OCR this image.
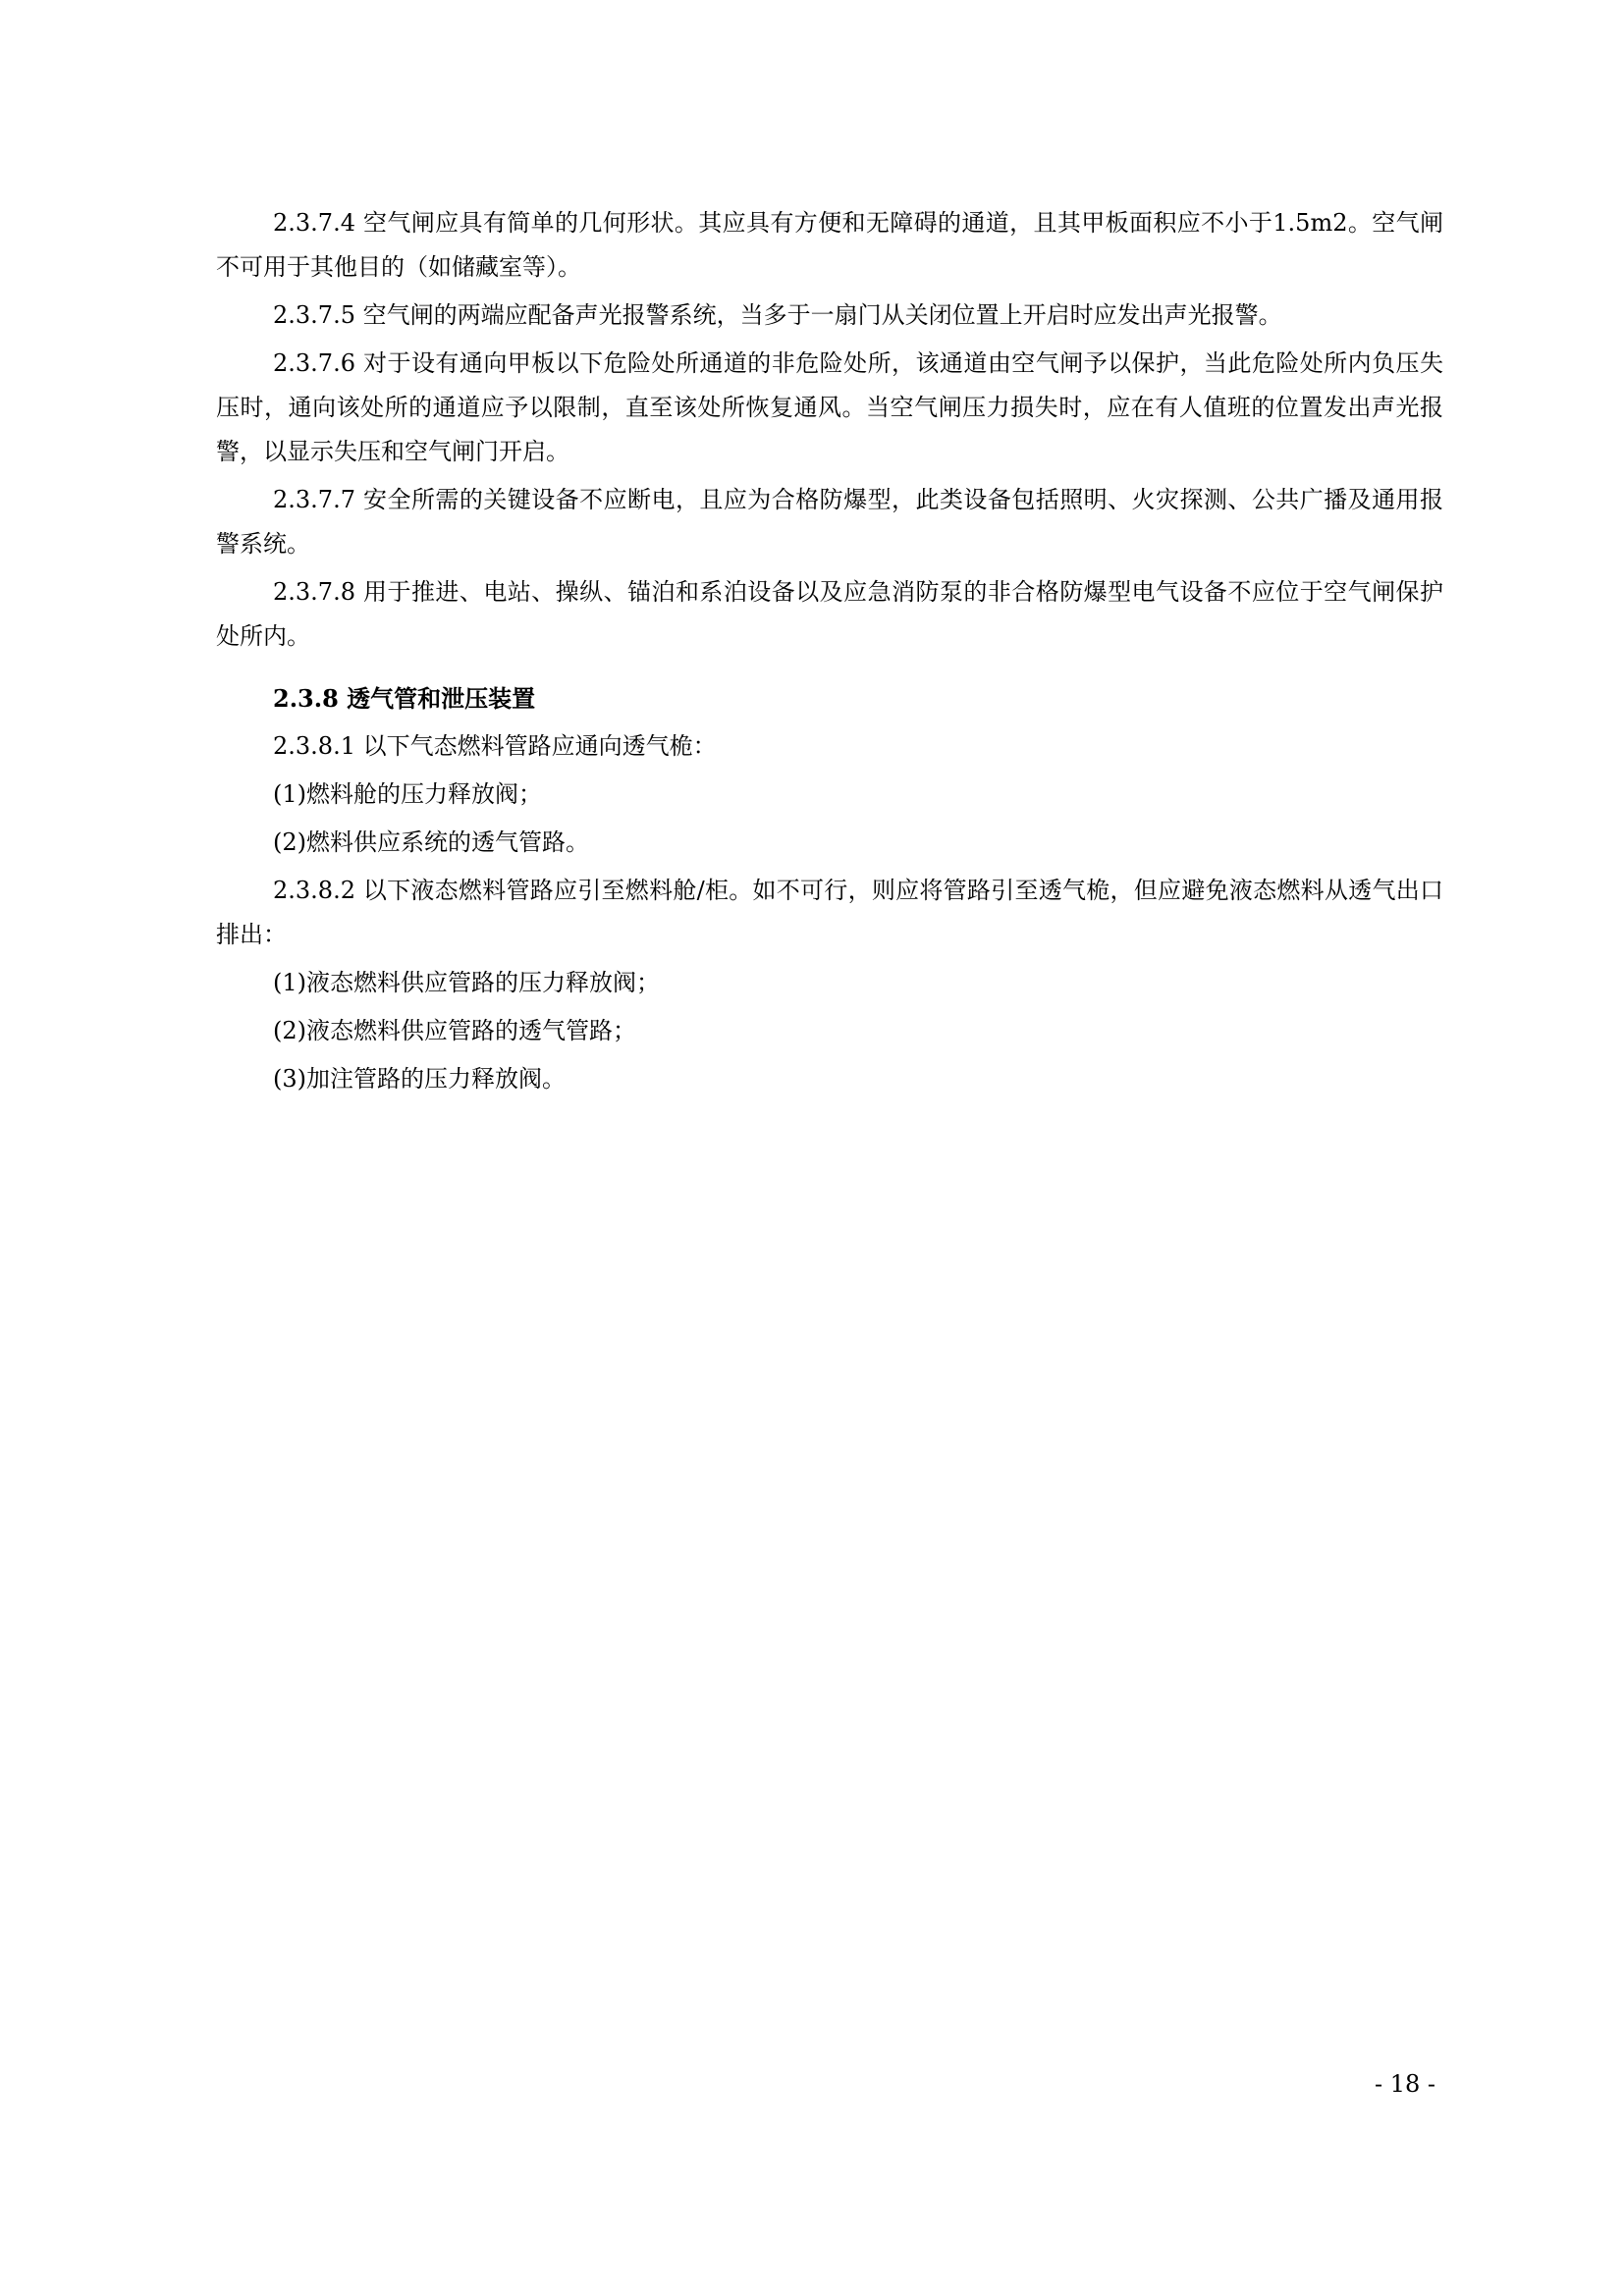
2.3.7.4 空气闸应具有简单的几何形状。其应具有方便和无障碍的通道，且其甲板面积应不小于1.5m2。空气闸不可用于其他目的（如储藏室等）。

2.3.7.5 空气闸的两端应配备声光报警系统，当多于一扇门从关闭位置上开启时应发出声光报警。

2.3.7.6 对于设有通向甲板以下危险处所通道的非危险处所，该通道由空气闸予以保护，当此危险处所内负压失压时，通向该处所的通道应予以限制，直至该处所恢复通风。当空气闸压力损失时，应在有人值班的位置发出声光报警，以显示失压和空气闸门开启。

2.3.7.7 安全所需的关键设备不应断电，且应为合格防爆型，此类设备包括照明、火灾探测、公共广播及通用报警系统。

2.3.7.8 用于推进、电站、操纵、锚泊和系泊设备以及应急消防泵的非合格防爆型电气设备不应位于空气闸保护处所内。

2.3.8 透气管和泄压装置

2.3.8.1 以下气态燃料管路应通向透气桅：

(1)燃料舱的压力释放阀；
(2)燃料供应系统的透气管路。

2.3.8.2 以下液态燃料管路应引至燃料舱/柜。如不可行，则应将管路引至透气桅，但应避免液态燃料从透气出口排出：

(1)液态燃料供应管路的压力释放阀；
(2)液态燃料供应管路的透气管路；
(3)加注管路的压力释放阀。
- 18 -
